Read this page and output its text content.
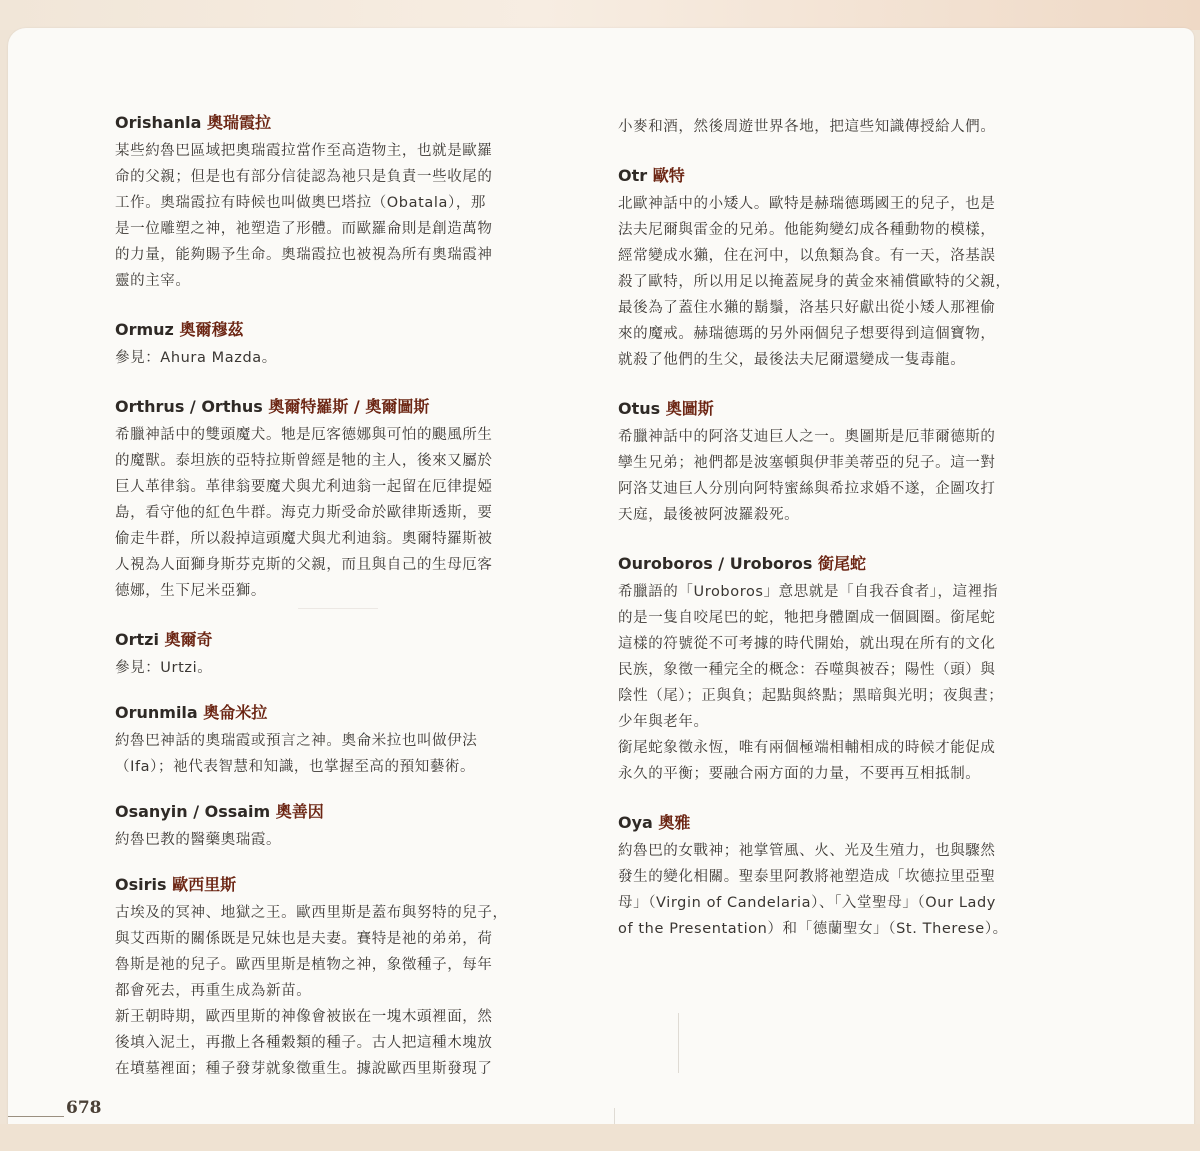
Orishanla 奧瑞霞拉

某些約魯巴區域把奧瑞霞拉當作至高造物主，也就是歐羅

命的父親；但是也有部分信徒認為祂只是負責一些收尾的

工作。奧瑞霞拉有時候也叫做奧巴塔拉（Obatala），那

是一位雕塑之神，祂塑造了形體。而歐羅侖則是創造萬物

的力量，能夠賜予生命。奧瑞霞拉也被視為所有奧瑞霞神

靈的主宰。

Ormuz 奧爾穆茲

參見：Ahura Mazda。

Orthrus / Orthus 奧爾特羅斯 / 奧爾圖斯

希臘神話中的雙頭魔犬。牠是厄客德娜與可怕的颶風所生

的魔獸。泰坦族的亞特拉斯曾經是牠的主人，後來又屬於

巨人革律翁。革律翁要魔犬與尤利迪翁一起留在厄律提婭

島，看守他的紅色牛群。海克力斯受命於歐律斯透斯，要

偷走牛群，所以殺掉這頭魔犬與尤利迪翁。奧爾特羅斯被

人視為人面獅身斯芬克斯的父親，而且與自己的生母厄客

德娜，生下尼米亞獅。

Ortzi 奧爾奇

參見：Urtzi。

Orunmila 奧侖米拉

約魯巴神話的奧瑞霞或預言之神。奧侖米拉也叫做伊法

（Ifa）；祂代表智慧和知識，也掌握至高的預知藝術。

Osanyin / Ossaim 奧善因

約魯巴教的醫藥奧瑞霞。

Osiris 歐西里斯

古埃及的冥神、地獄之王。歐西里斯是蓋布與努特的兒子，

與艾西斯的關係既是兄妹也是夫妻。賽特是祂的弟弟，荷

魯斯是祂的兒子。歐西里斯是植物之神，象徵種子，每年

都會死去，再重生成為新苗。

新王朝時期，歐西里斯的神像會被嵌在一塊木頭裡面，然

後填入泥土，再撒上各種穀類的種子。古人把這種木塊放

在墳墓裡面；種子發芽就象徵重生。據說歐西里斯發現了

小麥和酒，然後周遊世界各地，把這些知識傳授給人們。

Otr 歐特

北歐神話中的小矮人。歐特是赫瑞德瑪國王的兒子，也是

法夫尼爾與雷金的兄弟。他能夠變幻成各種動物的模樣，

經常變成水獺，住在河中，以魚類為食。有一天，洛基誤

殺了歐特，所以用足以掩蓋屍身的黃金來補償歐特的父親，

最後為了蓋住水獺的鬍鬚，洛基只好獻出從小矮人那裡偷

來的魔戒。赫瑞德瑪的另外兩個兒子想要得到這個寶物，

就殺了他們的生父，最後法夫尼爾還變成一隻毒龍。

Otus 奧圖斯

希臘神話中的阿洛艾迪巨人之一。奧圖斯是厄菲爾德斯的

孿生兄弟；祂們都是波塞頓與伊菲美蒂亞的兒子。這一對

阿洛艾迪巨人分別向阿特蜜絲與希拉求婚不遂，企圖攻打

天庭，最後被阿波羅殺死。

Ouroboros / Uroboros 銜尾蛇

希臘語的「Uroboros」意思就是「自我吞食者」，這裡指

的是一隻自咬尾巴的蛇，牠把身體圍成一個圓圈。銜尾蛇

這樣的符號從不可考據的時代開始，就出現在所有的文化

民族，象徵一種完全的概念：吞噬與被吞；陽性（頭）與

陰性（尾）；正與負；起點與終點；黑暗與光明；夜與晝；

少年與老年。

銜尾蛇象徵永恆，唯有兩個極端相輔相成的時候才能促成

永久的平衡；要融合兩方面的力量，不要再互相抵制。

Oya 奧雅

約魯巴的女戰神；祂掌管風、火、光及生殖力，也與驟然

發生的變化相關。聖泰里阿教將祂塑造成「坎德拉里亞聖

母」（Virgin of Candelaria）、「入堂聖母」（Our Lady

of the Presentation）和「德蘭聖女」（St. Therese）。

678
